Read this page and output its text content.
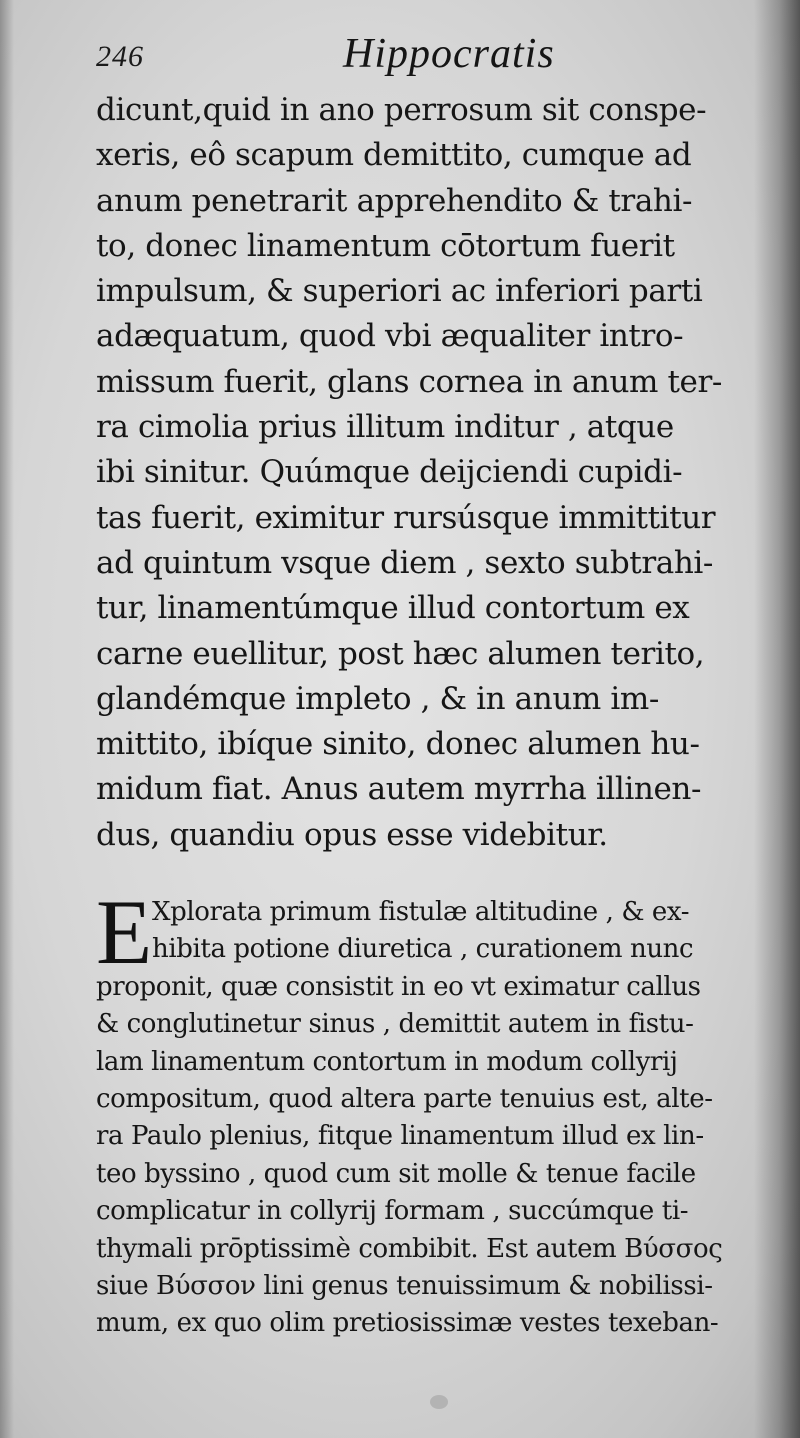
246	Hippocratis
dicunt,quid in ano perrosum sit conspe-
xeris, eô scapum demittito, cumque ad
anum penetrarit apprehendito & trahi-
to, donec linamentum cōtortum fuerit
impulsum, & superiori ac inferiori parti
adæquatum, quod vbi æqualiter intro-
missum fuerit, glans cornea in anum ter-
ra cimolia prius illitum inditur , atque
ibi sinitur. Quúmque deijciendi cupidi-
tas fuerit, eximitur rursúsque immittitur
ad quintum vsque diem , sexto subtrahi-
tur, linamentúmque illud contortum ex
carne euellitur, post hæc alumen terito,
glandémque impleto , & in anum im-
mittito, ibíque sinito, donec alumen hu-
midum fiat. Anus autem myrrha illinen-
dus, quandiu opus esse videbitur.
E Xplorata primum fistulæ altitudine , & ex-
hibita potione diuretica , curationem nunc
proponit, quæ consistit in eo vt eximatur callus
& conglutinetur sinus , demittit autem in fistu-
lam linamentum contortum in modum collyrij
compositum, quod altera parte tenuius est, alte-
ra Paulo plenius, fitque linamentum illud ex lin-
teo byssino , quod cum sit molle & tenue facile
complicatur in collyrij formam , succúmque ti-
thymali prōptissimè combibit. Est autem Βύσσος
siue Βύσσον lini genus tenuissimum & nobilissi-
mum, ex quo olim pretiosissimæ vestes texeban-
